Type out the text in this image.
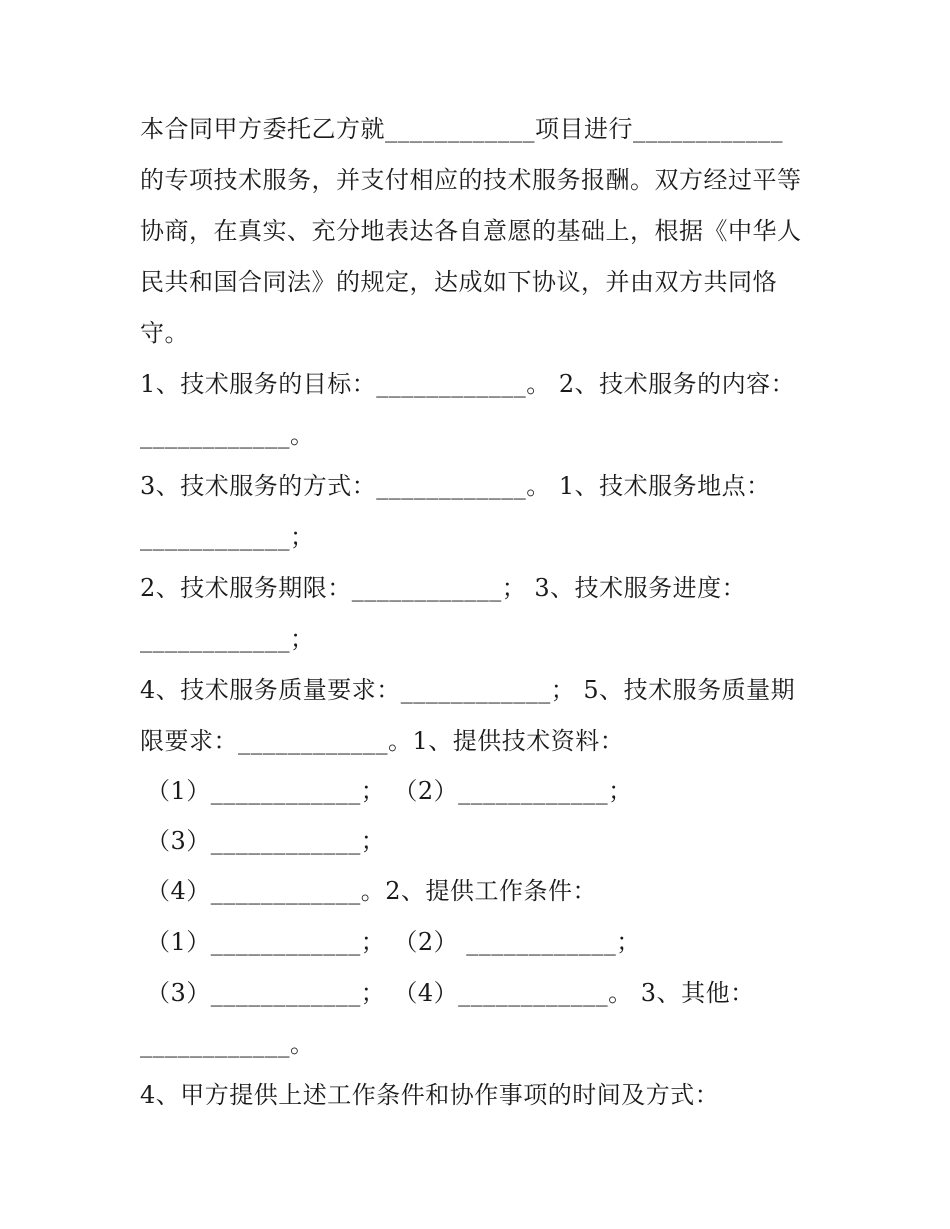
本合同甲方委托乙方就____________项目进行____________
的专项技术服务，并支付相应的技术服务报酬。双方经过平等
协商，在真实、充分地表达各自意愿的基础上，根据《中华人
民共和国合同法》的规定，达成如下协议，并由双方共同恪
守。
1、技术服务的目标：____________。 2、技术服务的内容：
____________。
3、技术服务的方式：____________。 1、技术服务地点：
____________；
2、技术服务期限：____________； 3、技术服务进度：
____________；
4、技术服务质量要求：____________； 5、技术服务质量期
限要求：____________。1、提供技术资料：
（1）____________； （2）____________；
（3）____________；
（4）____________。2、提供工作条件：
（1）____________； （2） ____________；
（3）____________； （4）____________。 3、其他：
____________。
4、甲方提供上述工作条件和协作事项的时间及方式：
